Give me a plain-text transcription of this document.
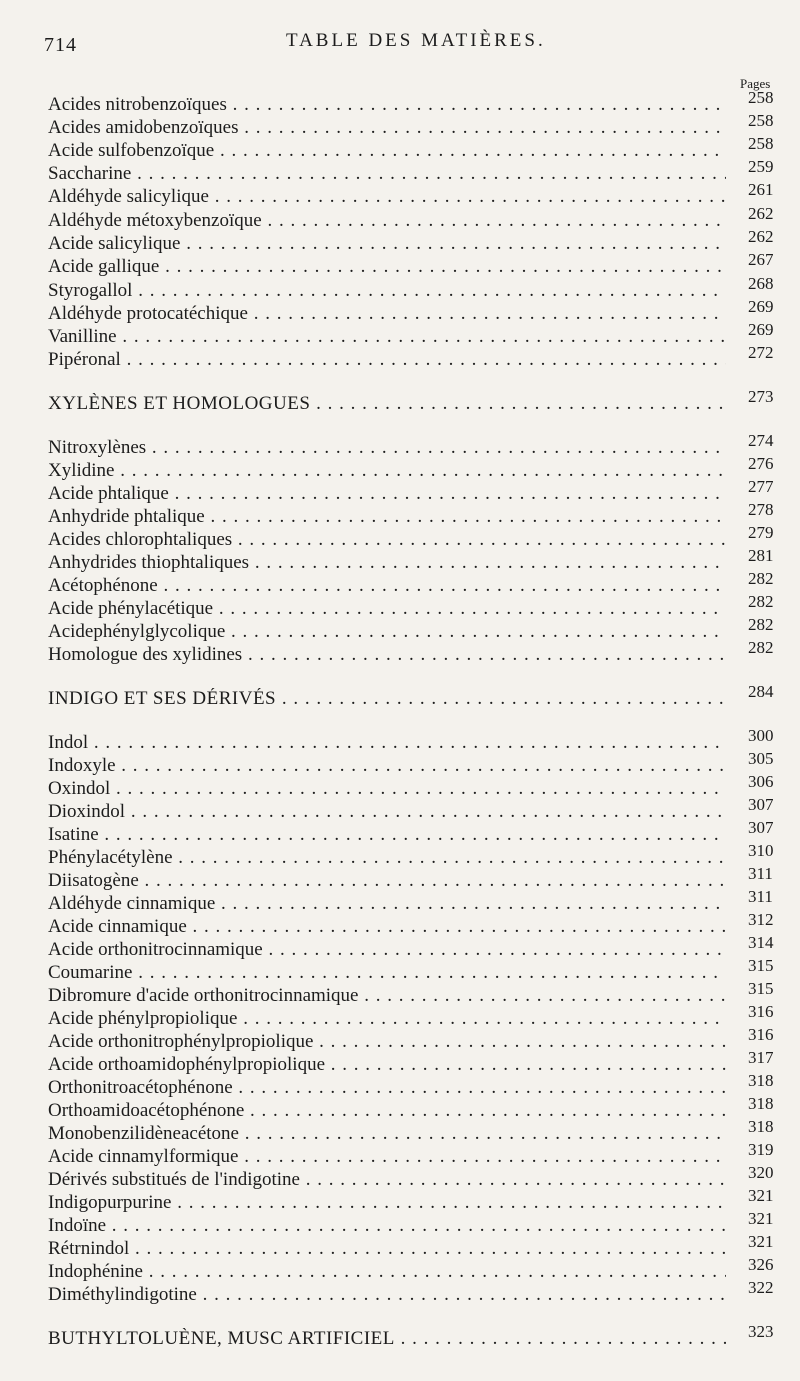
714	TABLE DES MATIÈRES.
Pages
Acides nitrobenzoïques . . .	258
Acides amidobenzoïques . . .	258
Acide sulfobenzoïque . . .	258
Saccharine . . .	259
Aldéhyde salicylique . . .	261
Aldéhyde métoxybenzoïque . . .	262
Acide salicylique . . .	262
Acide gallique . . .	267
Styrogallol . . .	268
Aldéhyde protocatéchique . . .	269
Vanilline . . .	269
Pipéronal . . .	272
XYLÈNES ET HOMOLOGUES . . .	273
Nitroxylènes . . .	274
Xylidine . . .	276
Acide phtalique . . .	277
Anhydride phtalique . . .	278
Acides chlorophtaliques . . .	279
Anhydrides thiophtaliques . . .	281
Acétophénone . . .	282
Acide phénylacétique . . .	282
Acidephénylglycolique . . .	282
Homologue des xylidines . . .	282
INDIGO ET SES DÉRIVÉS . . .	284
Indol . . .	300
Indoxyle . . .	305
Oxindol . . .	306
Dioxindol . . .	307
Isatine . . .	307
Phénylacétylène . . .	310
Diisatogène . . .	311
Aldéhyde cinnamique . . .	311
Acide cinnamique . . .	312
Acide orthonitrocinnamique . . .	314
Coumarine . . .	315
Dibromure d'acide orthonitrocinnamique . . .	315
Acide phénylpropiolique . . .	316
Acide orthonitrophénylpropiolique . . .	316
Acide orthoamidophénylpropiolique . . .	317
Orthonitroacétophénone . . .	318
Orthoamidoacétophénone . . .	318
Monobenzilidèneacétone . . .	318
Acide cinnamylformique . . .	319
Dérivés substitués de l'indigotine . . .	320
Indigopurpurine . . .	321
Indoïne . . .	321
Rétrnindol . . .	321
Indophénine . . .	326
Diméthylindigotine . . .	322
BUTHYLTOLUÈNE, MUSC ARTIFICIEL . . .	323
